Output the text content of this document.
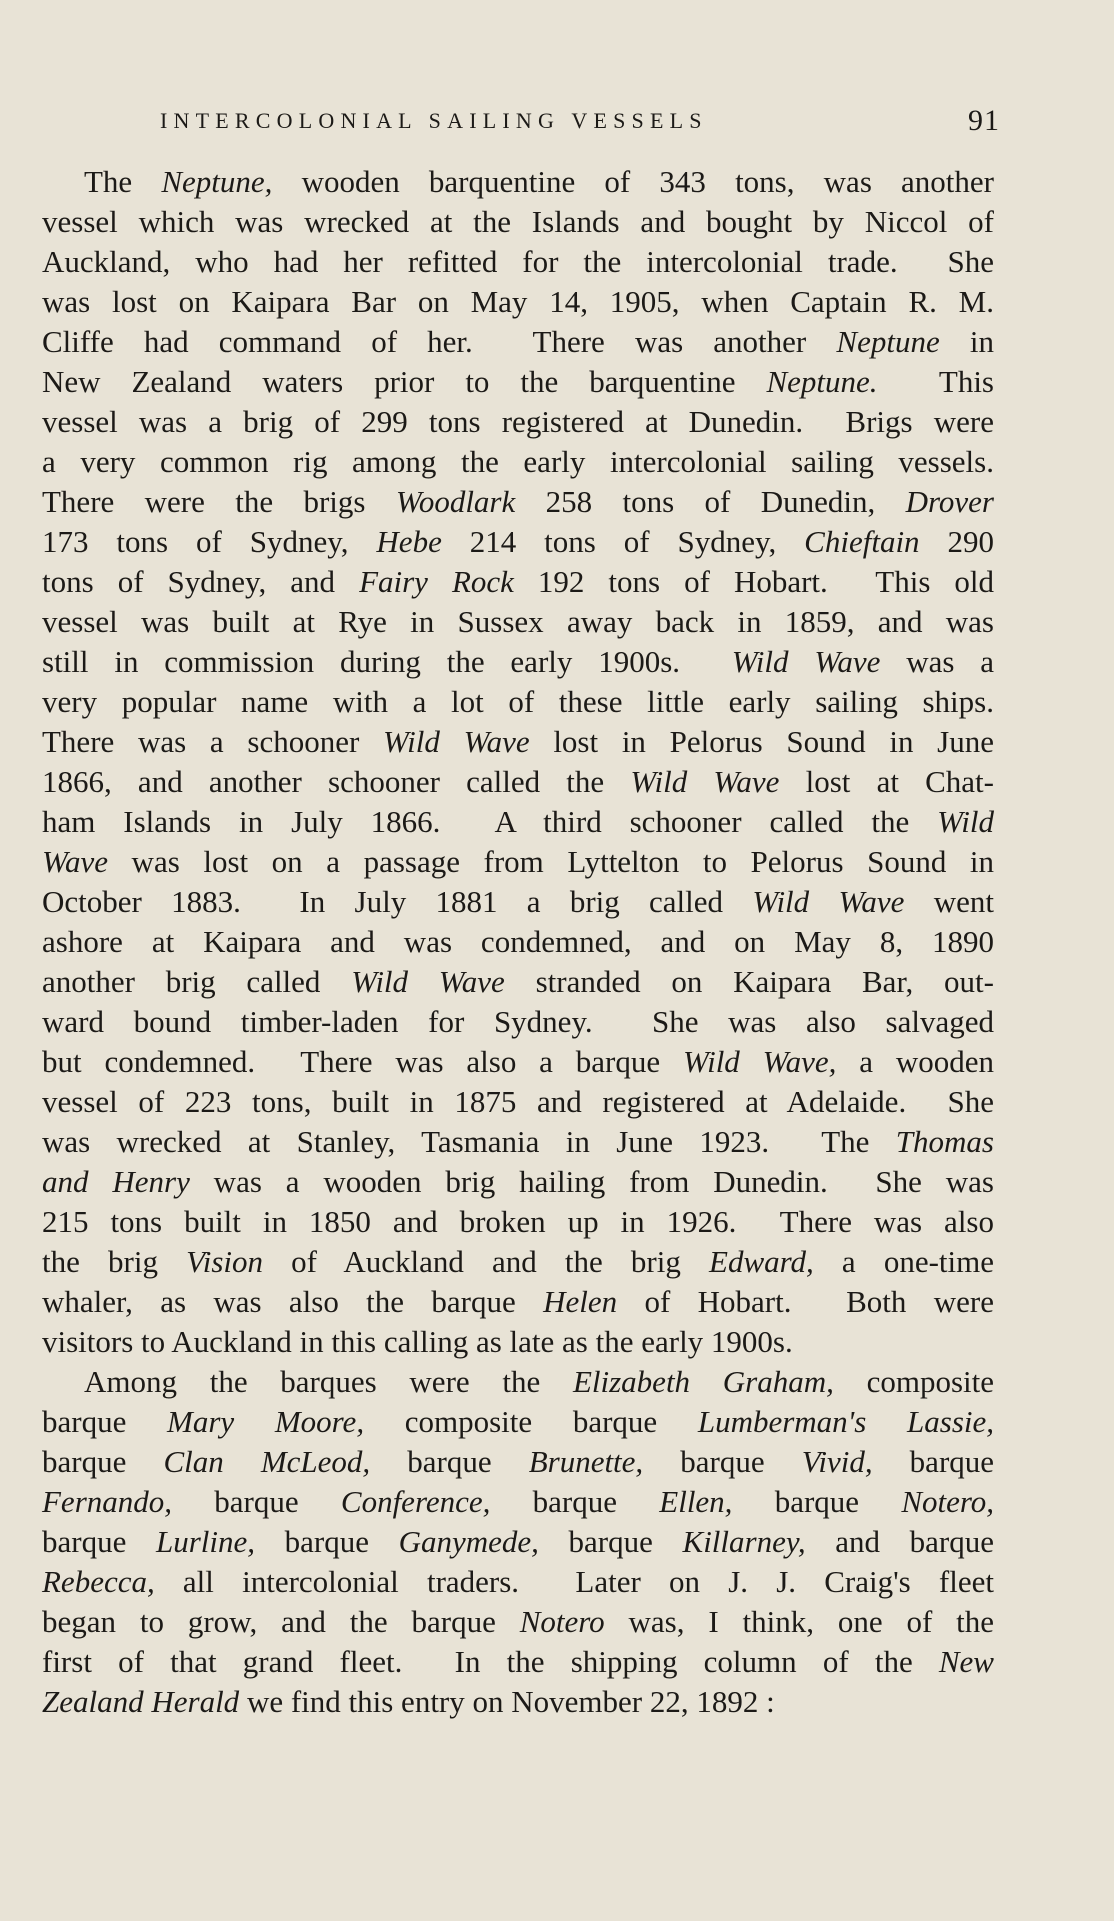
INTERCOLONIAL SAILING VESSELS	91
The Neptune, wooden barquentine of 343 tons, was another
vessel which was wrecked at the Islands and bought by Niccol of
Auckland, who had her refitted for the intercolonial trade.  She
was lost on Kaipara Bar on May 14, 1905, when Captain R. M.
Cliffe had command of her.  There was another Neptune in
New Zealand waters prior to the barquentine Neptune.  This
vessel was a brig of 299 tons registered at Dunedin.  Brigs were
a very common rig among the early intercolonial sailing vessels.
There were the brigs Woodlark 258 tons of Dunedin, Drover
173 tons of Sydney, Hebe 214 tons of Sydney, Chieftain 290
tons of Sydney, and Fairy Rock 192 tons of Hobart.  This old
vessel was built at Rye in Sussex away back in 1859, and was
still in commission during the early 1900s.  Wild Wave was a
very popular name with a lot of these little early sailing ships.
There was a schooner Wild Wave lost in Pelorus Sound in June
1866, and another schooner called the Wild Wave lost at Chat-
ham Islands in July 1866.  A third schooner called the Wild
Wave was lost on a passage from Lyttelton to Pelorus Sound in
October 1883.  In July 1881 a brig called Wild Wave went
ashore at Kaipara and was condemned, and on May 8, 1890
another brig called Wild Wave stranded on Kaipara Bar, out-
ward bound timber-laden for Sydney.  She was also salvaged
but condemned.  There was also a barque Wild Wave, a wooden
vessel of 223 tons, built in 1875 and registered at Adelaide.  She
was wrecked at Stanley, Tasmania in June 1923.  The Thomas
and Henry was a wooden brig hailing from Dunedin.  She was
215 tons built in 1850 and broken up in 1926.  There was also
the brig Vision of Auckland and the brig Edward, a one-time
whaler, as was also the barque Helen of Hobart.  Both were
visitors to Auckland in this calling as late as the early 1900s.
Among the barques were the Elizabeth Graham, composite
barque Mary Moore, composite barque Lumberman's Lassie,
barque Clan McLeod, barque Brunette, barque Vivid, barque
Fernando, barque Conference, barque Ellen, barque Notero,
barque Lurline, barque Ganymede, barque Killarney, and barque
Rebecca, all intercolonial traders.  Later on J. J. Craig's fleet
began to grow, and the barque Notero was, I think, one of the
first of that grand fleet.  In the shipping column of the New
Zealand Herald we find this entry on November 22, 1892 :
